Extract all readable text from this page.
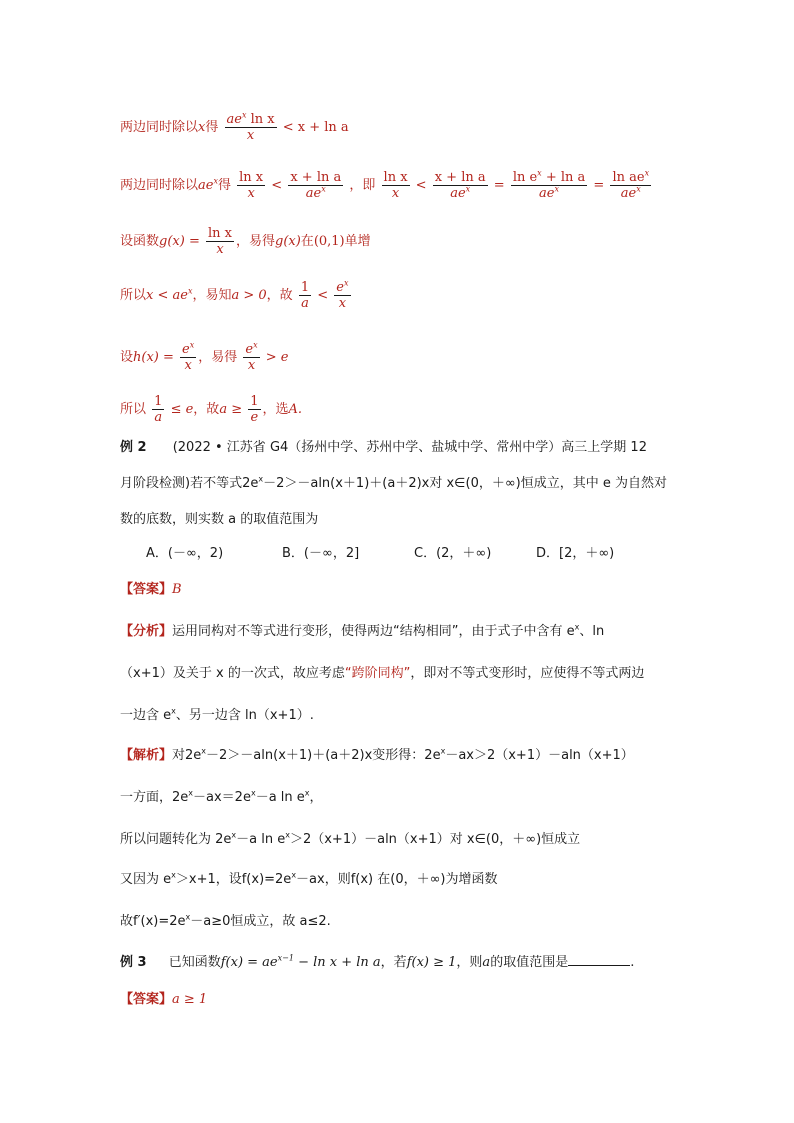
两边同时除以x得 $\frac{ae^x \ln x}{x} < x + \ln a$
两边同时除以$ae^x$得 $\frac{\text{ln x}}{x} < \frac{\text{x + ln a}}{ae^x}$ ，即 $\frac{\text{ln x}}{x} < \frac{\text{x + ln a}}{ae^x} = \frac{\ln e^x + \ln a}{ae^x} = \frac{\ln ae^x}{ae^x}$
设函数$g(x) = \frac{\text{ln x}}{x}$ ，易得g(x)在(0,1)单增
所以$x < ae^x$，易知a > 0，故 $\frac{1}{a} < \frac{e^x}{x}$
设$h(x) = \frac{e^x}{x}$ ，易得 $\frac{e^x}{x} > e$
所以 $\frac{1}{a} \le e$，故$a \ge \frac{1}{e}$ ，选A.
例 2 (2022 • 江苏省 G4（扬州中学、苏州中学、盐城中学、常州中学）高三上学期 12
月阶段检测)若不等式$2e^x-2>-aln(x+1)+(a+2)x$对 x∈(0，＋∞)恒成立，其中 e 为自然对
数的底数，则实数 a 的取值范围为
A．(－∞，2)	B．(－∞，2]	C．(2，＋∞)	D．[2，＋∞)
【答案】B
【分析】运用同构对不等式进行变形，使得两边“结构相同”，由于式子中含有 $e^x$、ln
（x+1）及关于 x 的一次式，故应考虑“跨阶同构”，即对不等式变形时，应使得不等式两边
一边含 $e^x$、另一边含 ln（x+1）.
【解析】对$2e^x-2>-aln(x+1)+(a+2)x$变形得：$2e^x-ax>2(x+1)-aln(x+1)$
一方面，$2e^x-ax=2e^x-a$ $\ln e^x$，
所以问题转化为 $2e^x-a$ $\ln e^x>2(x+1)-aln(x+1)$对 x∈(0，＋∞)恒成立
又因为 $e^x>x+1$，设$f(x)=2e^x-ax$，则f(x) 在(0，＋∞)为增函数
故$f'(x)=2e^x-a\ge 0$恒成立，故 a≤2.
例 3 已知函数$f(x) = ae^{x-1} - \ln x + \ln a$，若f(x) ≥ 1，则a的取值范围是	.
【答案】a ≥ 1
